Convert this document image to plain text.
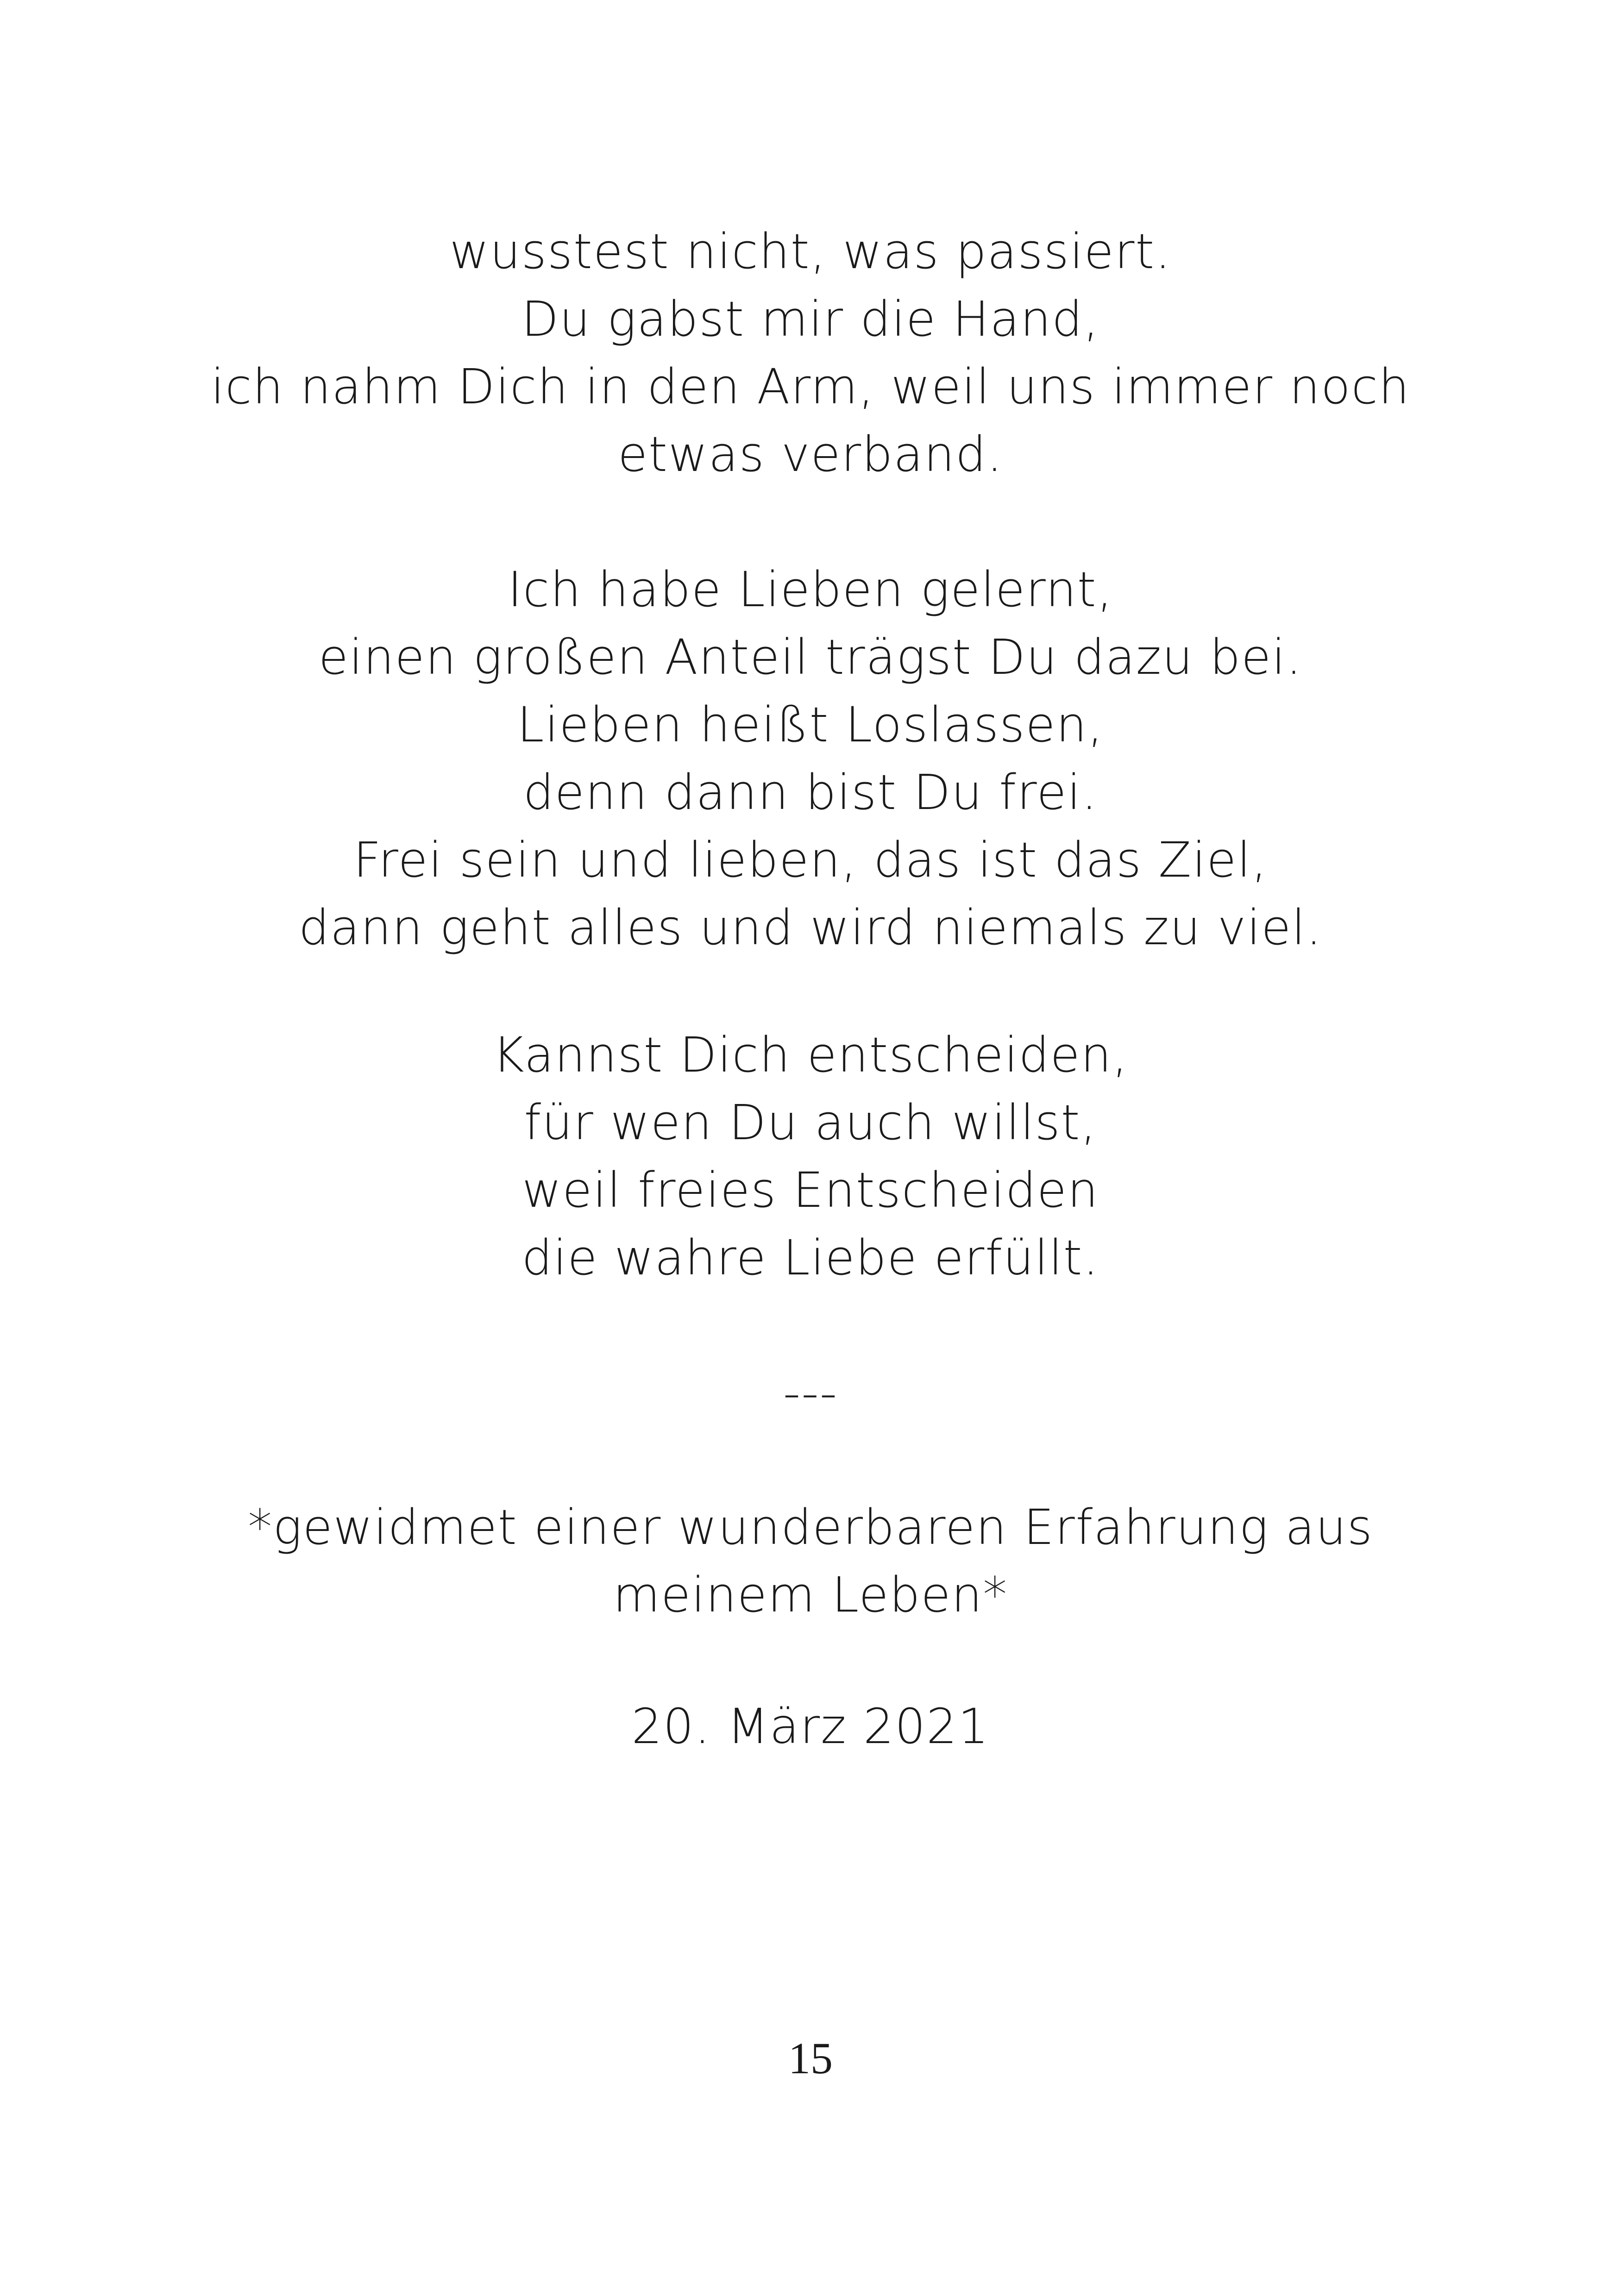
wusstest nicht, was passiert.
Du gabst mir die Hand,
ich nahm Dich in den Arm, weil uns immer noch
etwas verband.
Ich habe Lieben gelernt,
einen großen Anteil trägst Du dazu bei.
Lieben heißt Loslassen,
denn dann bist Du frei.
Frei sein und lieben, das ist das Ziel,
dann geht alles und wird niemals zu viel.
Kannst Dich entscheiden,
für wen Du auch willst,
weil freies Entscheiden
die wahre Liebe erfüllt.
---
*gewidmet einer wunderbaren Erfahrung aus
meinem Leben*
20. März 2021
15
